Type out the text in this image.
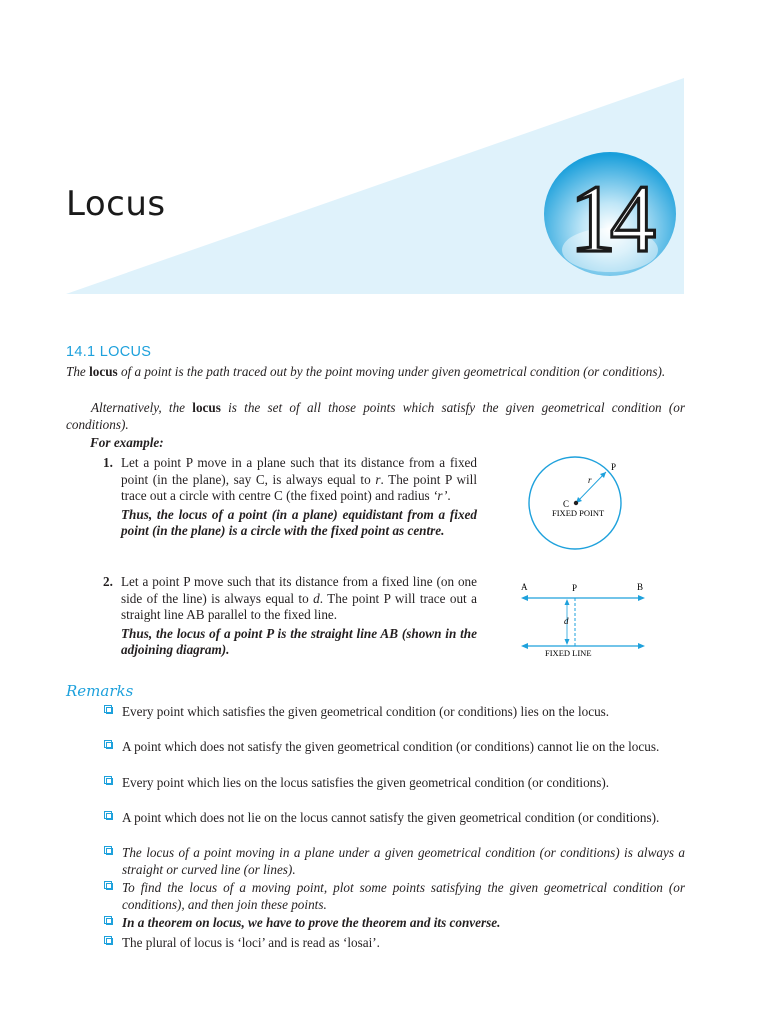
14
Locus
14.1 LOCUS
The locus of a point is the path traced out by the point moving under given geometrical condition (or conditions).
Alternatively, the locus is the set of all those points which satisfy the given geometrical condition (or conditions).
For example:
1. Let a point P move in a plane such that its distance from a fixed point (in the plane), say C, is always equal to r. The point P will trace out a circle with centre C (the fixed point) and radius ‘r’.
Thus, the locus of a point (in a plane) equidistant from a fixed point (in the plane) is a circle with the fixed point as centre.
2. Let a point P move such that its distance from a fixed line (on one side of the line) is always equal to d. The point P will trace out a straight line AB parallel to the fixed line.
Thus, the locus of a point P is the straight line AB (shown in the adjoining diagram).
P
r
C
FIXED POINT
A	P	B
d
FIXED LINE
Remarks
Every point which satisfies the given geometrical condition (or conditions) lies on the locus.
A point which does not satisfy the given geometrical condition (or conditions) cannot lie on the locus.
Every point which lies on the locus satisfies the given geometrical condition (or conditions).
A point which does not lie on the locus cannot satisfy the given geometrical condition (or conditions).
The locus of a point moving in a plane under a given geometrical condition (or conditions) is always a straight or curved line (or lines).
To find the locus of a moving point, plot some points satisfying the given geometrical condition (or conditions), and then join these points.
In a theorem on locus, we have to prove the theorem and its converse.
The plural of locus is ‘loci’ and is read as ‘losai’.
